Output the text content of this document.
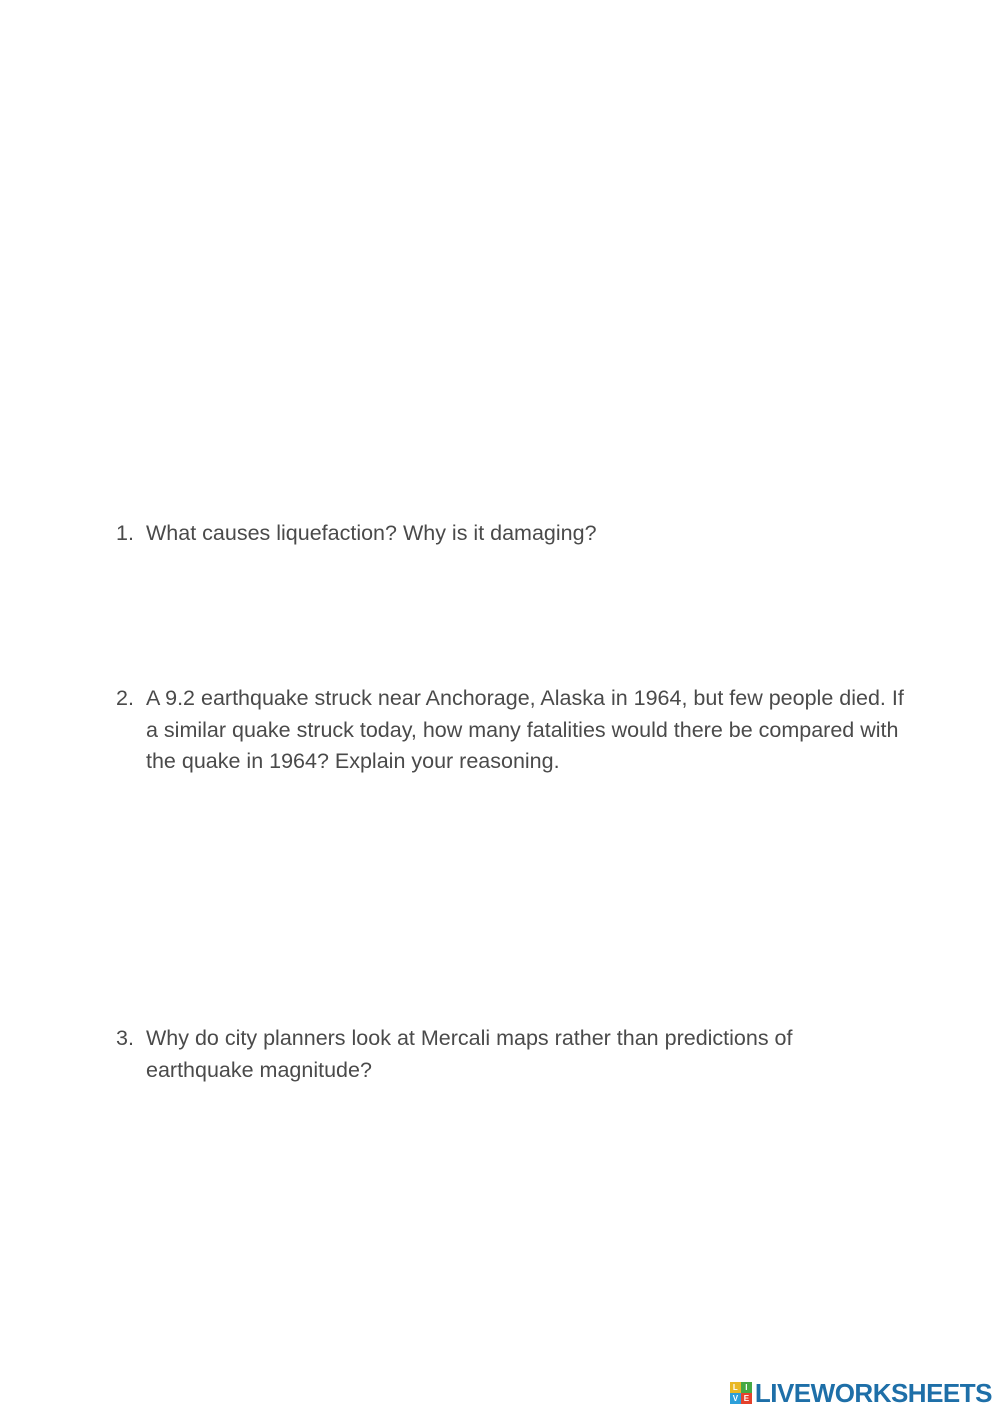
1. What causes liquefaction? Why is it damaging?
2. A 9.2 earthquake struck near Anchorage, Alaska in 1964, but few people died. If a similar quake struck today, how many fatalities would there be compared with the quake in 1964? Explain your reasoning.
3. Why do city planners look at Mercali maps rather than predictions of earthquake magnitude?
L I
V E LIVEWORKSHEETS
